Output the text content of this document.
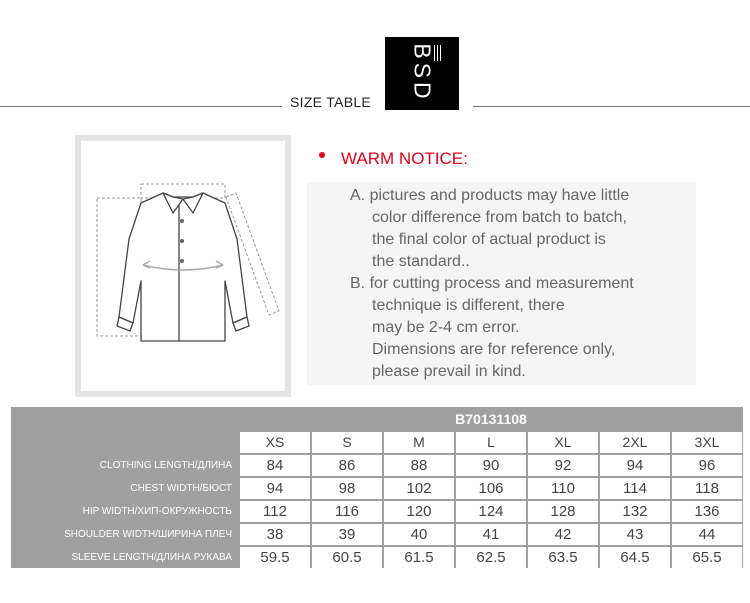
SIZE TABLE BSD
WARM NOTICE:
A. pictures and products may have little
color difference from batch to batch,
the final color of actual product is
the standard..
B. for cutting process and measurement
technique is different, there
may be 2-4 cm error.
Dimensions are for reference only,
please prevail in kind.
B70131108
XS	S	M	L	XL	2XL	3XL
CLOTHING LENGTH/ДЛИНА	84	86	88	90	92	94	96
CHEST WIDTH/БЮСТ	94	98	102	106	110	114	118
HIP WIDTH/ХИП-ОКРУЖНОСТЬ	112	116	120	124	128	132	136
SHOULDER WIDTH/ШИРИНА ПЛЕЧ	38	39	40	41	42	43	44
SLEEVE LENGTH/ДЛИНА РУКАВА	59.5	60.5	61.5	62.5	63.5	64.5	65.5
